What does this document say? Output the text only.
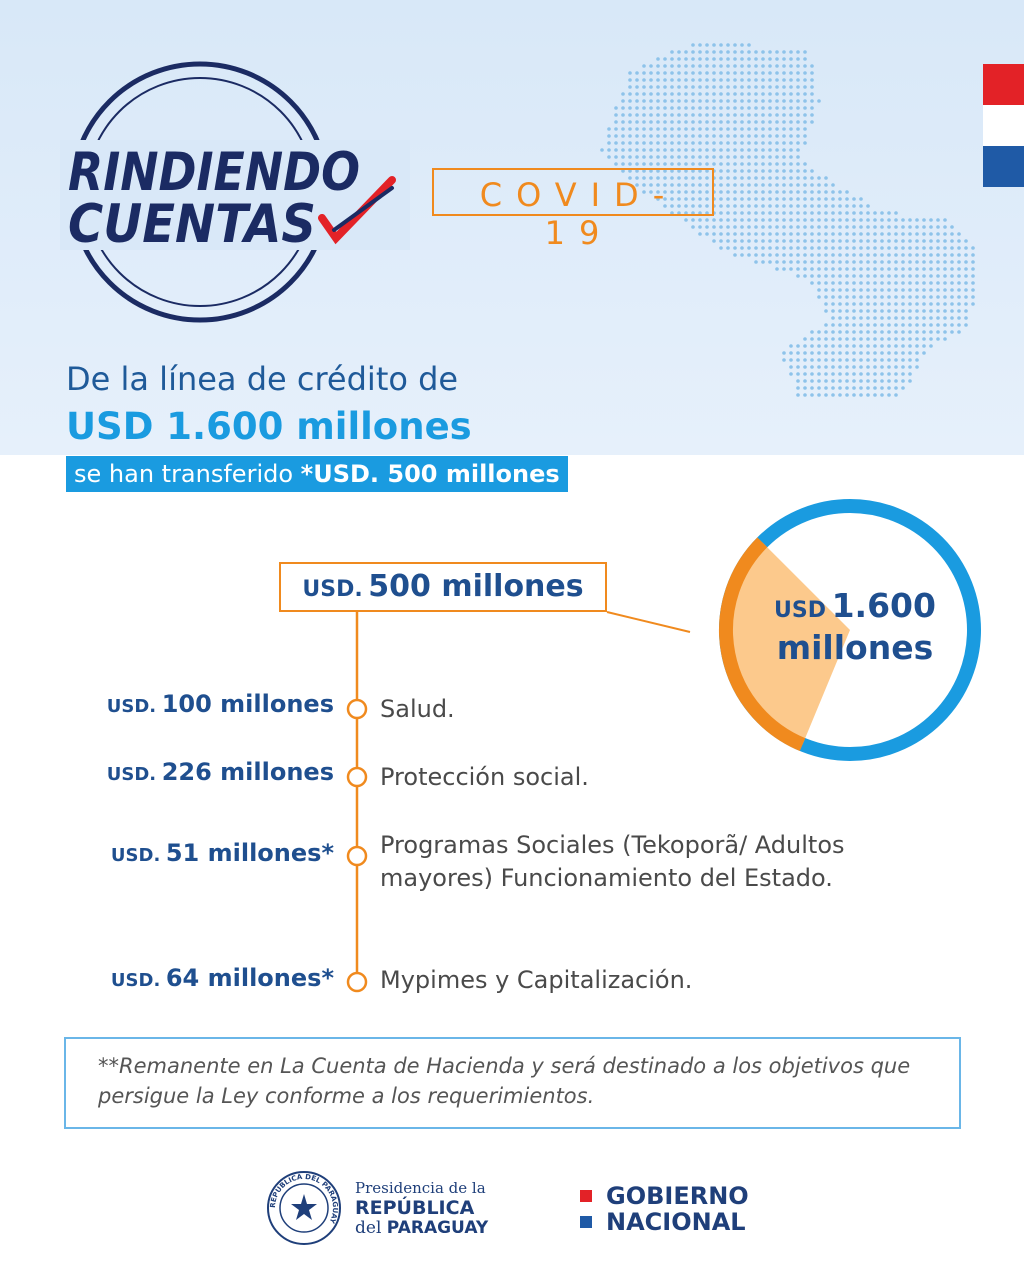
RINDIENDO
CUENTAS	COVID-19
De la línea de crédito de
USD 1.600 millones
se han transferido *USD. 500 millones
USD 1.600
millones
USD. 500 millones
USD. 100 millones Salud.
USD. 226 millones Protección social.
USD. 51 millones* Programas Sociales (Tekoporã/ Adultos mayores) Funcionamiento del Estado.
USD. 64 millones* Mypimes y Capitalización.
**Remanente en La Cuenta de Hacienda y será destinado a los objetivos que persigue la Ley conforme a los requerimientos.
REPUBLICA DEL PARAGUAY
Presidencia de la
REPÚBLICA
del PARAGUAY
GOBIERNO
NACIONAL
